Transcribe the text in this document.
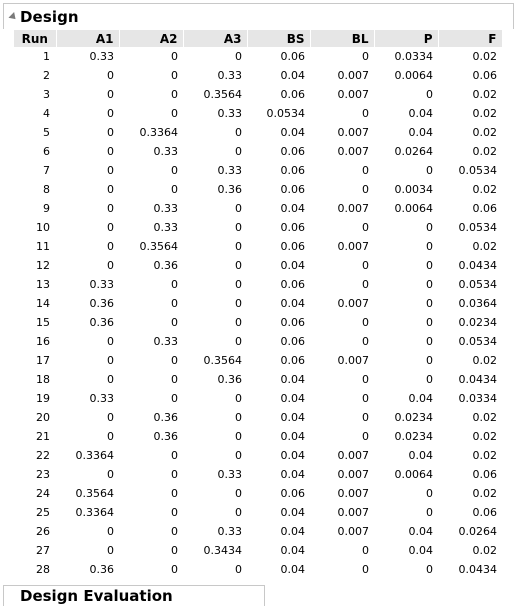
Design
Run	A1	A2	A3	BS	BL	P	F
1	0.33	0	0	0.06	0	0.0334	0.02
2	0	0	0.33	0.04	0.007	0.0064	0.06
3	0	0	0.3564	0.06	0.007	0	0.02
4	0	0	0.33	0.0534	0	0.04	0.02
5	0	0.3364	0	0.04	0.007	0.04	0.02
6	0	0.33	0	0.06	0.007	0.0264	0.02
7	0	0	0.33	0.06	0	0	0.0534
8	0	0	0.36	0.06	0	0.0034	0.02
9	0	0.33	0	0.04	0.007	0.0064	0.06
10	0	0.33	0	0.06	0	0	0.0534
11	0	0.3564	0	0.06	0.007	0	0.02
12	0	0.36	0	0.04	0	0	0.0434
13	0.33	0	0	0.06	0	0	0.0534
14	0.36	0	0	0.04	0.007	0	0.0364
15	0.36	0	0	0.06	0	0	0.0234
16	0	0.33	0	0.06	0	0	0.0534
17	0	0	0.3564	0.06	0.007	0	0.02
18	0	0	0.36	0.04	0	0	0.0434
19	0.33	0	0	0.04	0	0.04	0.0334
20	0	0.36	0	0.04	0	0.0234	0.02
21	0	0.36	0	0.04	0	0.0234	0.02
22	0.3364	0	0	0.04	0.007	0.04	0.02
23	0	0	0.33	0.04	0.007	0.0064	0.06
24	0.3564	0	0	0.06	0.007	0	0.02
25	0.3364	0	0	0.04	0.007	0	0.06
26	0	0	0.33	0.04	0.007	0.04	0.0264
27	0	0	0.3434	0.04	0	0.04	0.02
28	0.36	0	0	0.04	0	0	0.0434
Design Evaluation
